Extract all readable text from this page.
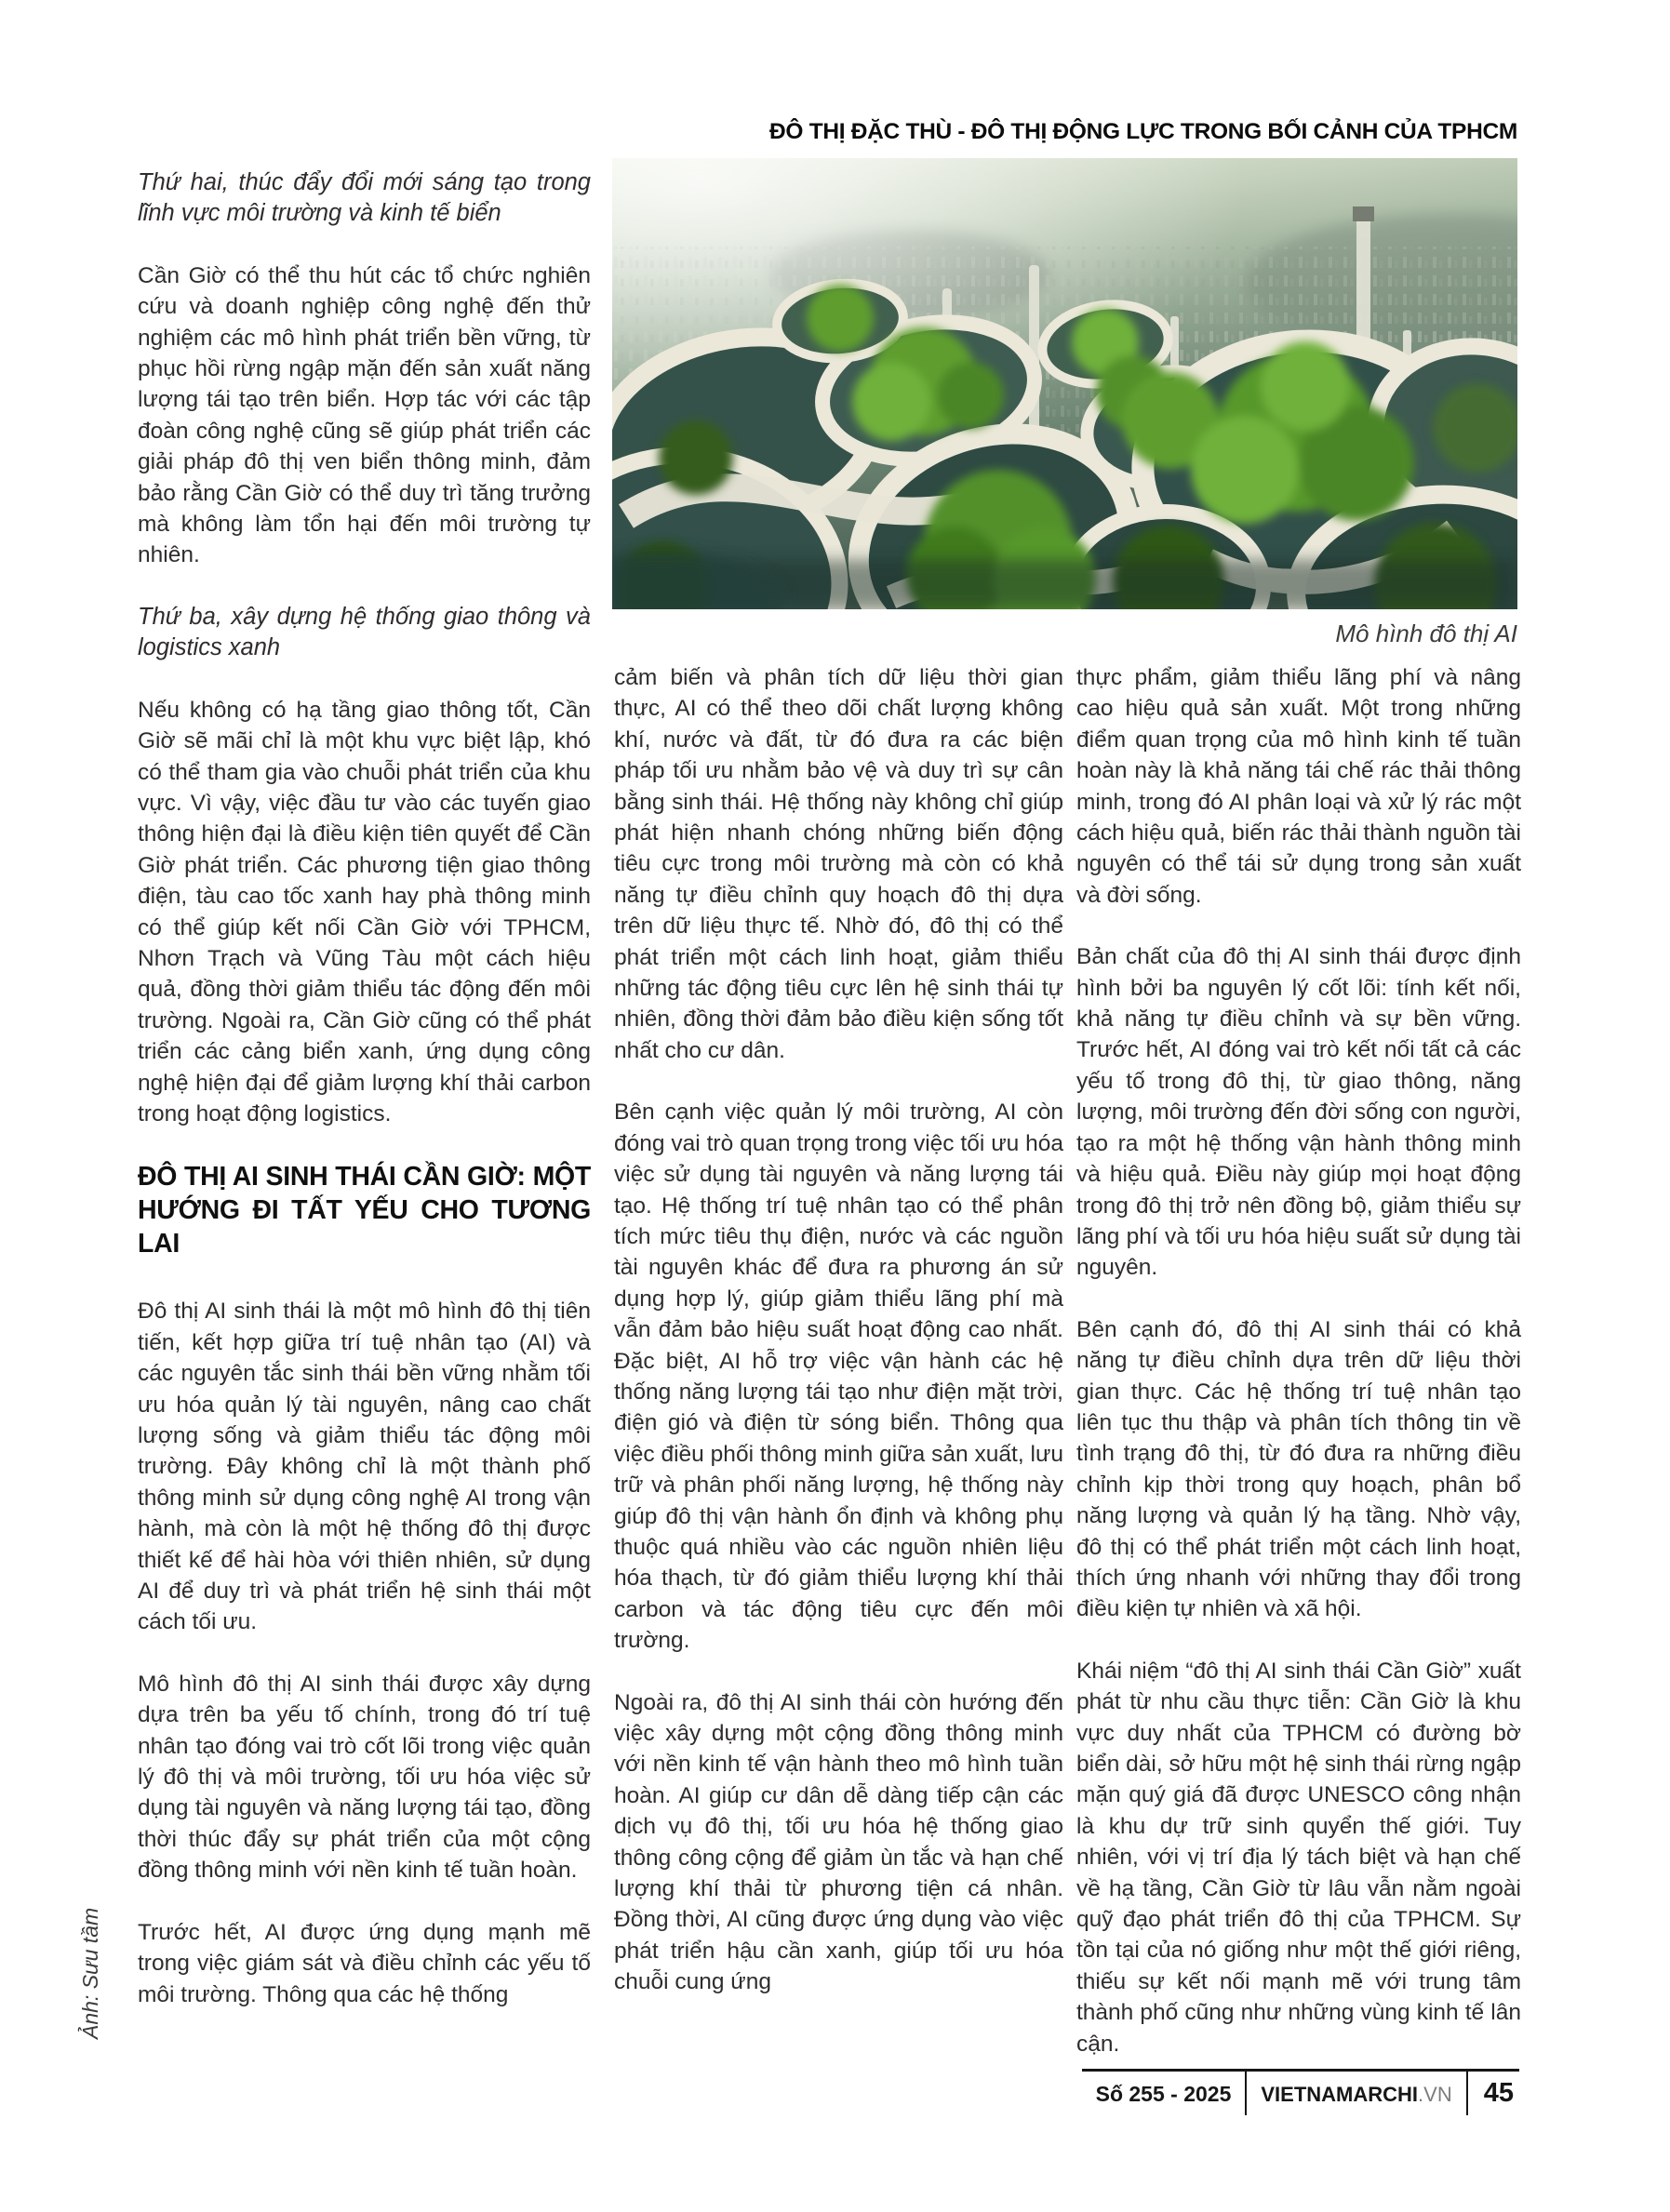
ĐÔ THỊ ĐẶC THÙ - ĐÔ THỊ ĐỘNG LỰC TRONG BỐI CẢNH CỦA TPHCM
Mô hình đô thị AI

Thứ hai, thúc đẩy đổi mới sáng tạo trong lĩnh vực môi trường và kinh tế biển

Cần Giờ có thể thu hút các tổ chức nghiên cứu và doanh nghiệp công nghệ đến thử nghiệm các mô hình phát triển bền vững, từ phục hồi rừng ngập mặn đến sản xuất năng lượng tái tạo trên biển. Hợp tác với các tập đoàn công nghệ cũng sẽ giúp phát triển các giải pháp đô thị ven biển thông minh, đảm bảo rằng Cần Giờ có thể duy trì tăng trưởng mà không làm tổn hại đến môi trường tự nhiên.

Thứ ba, xây dựng hệ thống giao thông và logistics xanh

Nếu không có hạ tầng giao thông tốt, Cần Giờ sẽ mãi chỉ là một khu vực biệt lập, khó có thể tham gia vào chuỗi phát triển của khu vực. Vì vậy, việc đầu tư vào các tuyến giao thông hiện đại là điều kiện tiên quyết để Cần Giờ phát triển. Các phương tiện giao thông điện, tàu cao tốc xanh hay phà thông minh có thể giúp kết nối Cần Giờ với TPHCM, Nhơn Trạch và Vũng Tàu một cách hiệu quả, đồng thời giảm thiểu tác động đến môi trường. Ngoài ra, Cần Giờ cũng có thể phát triển các cảng biển xanh, ứng dụng công nghệ hiện đại để giảm lượng khí thải carbon trong hoạt động logistics.

ĐÔ THỊ AI SINH THÁI CẦN GIỜ: MỘT HƯỚNG ĐI TẤT YẾU CHO TƯƠNG LAI

Đô thị AI sinh thái là một mô hình đô thị tiên tiến, kết hợp giữa trí tuệ nhân tạo (AI) và các nguyên tắc sinh thái bền vững nhằm tối ưu hóa quản lý tài nguyên, nâng cao chất lượng sống và giảm thiểu tác động môi trường. Đây không chỉ là một thành phố thông minh sử dụng công nghệ AI trong vận hành, mà còn là một hệ thống đô thị được thiết kế để hài hòa với thiên nhiên, sử dụng AI để duy trì và phát triển hệ sinh thái một cách tối ưu.

Mô hình đô thị AI sinh thái được xây dựng dựa trên ba yếu tố chính, trong đó trí tuệ nhân tạo đóng vai trò cốt lõi trong việc quản lý đô thị và môi trường, tối ưu hóa việc sử dụng tài nguyên và năng lượng tái tạo, đồng thời thúc đẩy sự phát triển của một cộng đồng thông minh với nền kinh tế tuần hoàn.

Trước hết, AI được ứng dụng mạnh mẽ trong việc giám sát và điều chỉnh các yếu tố môi trường. Thông qua các hệ thống

cảm biến và phân tích dữ liệu thời gian thực, AI có thể theo dõi chất lượng không khí, nước và đất, từ đó đưa ra các biện pháp tối ưu nhằm bảo vệ và duy trì sự cân bằng sinh thái. Hệ thống này không chỉ giúp phát hiện nhanh chóng những biến động tiêu cực trong môi trường mà còn có khả năng tự điều chỉnh quy hoạch đô thị dựa trên dữ liệu thực tế. Nhờ đó, đô thị có thể phát triển một cách linh hoạt, giảm thiểu những tác động tiêu cực lên hệ sinh thái tự nhiên, đồng thời đảm bảo điều kiện sống tốt nhất cho cư dân.

Bên cạnh việc quản lý môi trường, AI còn đóng vai trò quan trọng trong việc tối ưu hóa việc sử dụng tài nguyên và năng lượng tái tạo. Hệ thống trí tuệ nhân tạo có thể phân tích mức tiêu thụ điện, nước và các nguồn tài nguyên khác để đưa ra phương án sử dụng hợp lý, giúp giảm thiểu lãng phí mà vẫn đảm bảo hiệu suất hoạt động cao nhất. Đặc biệt, AI hỗ trợ việc vận hành các hệ thống năng lượng tái tạo như điện mặt trời, điện gió và điện từ sóng biển. Thông qua việc điều phối thông minh giữa sản xuất, lưu trữ và phân phối năng lượng, hệ thống này giúp đô thị vận hành ổn định và không phụ thuộc quá nhiều vào các nguồn nhiên liệu hóa thạch, từ đó giảm thiểu lượng khí thải carbon và tác động tiêu cực đến môi trường.

Ngoài ra, đô thị AI sinh thái còn hướng đến việc xây dựng một cộng đồng thông minh với nền kinh tế vận hành theo mô hình tuần hoàn. AI giúp cư dân dễ dàng tiếp cận các dịch vụ đô thị, tối ưu hóa hệ thống giao thông công cộng để giảm ùn tắc và hạn chế lượng khí thải từ phương tiện cá nhân. Đồng thời, AI cũng được ứng dụng vào việc phát triển hậu cần xanh, giúp tối ưu hóa chuỗi cung ứng

thực phẩm, giảm thiểu lãng phí và nâng cao hiệu quả sản xuất. Một trong những điểm quan trọng của mô hình kinh tế tuần hoàn này là khả năng tái chế rác thải thông minh, trong đó AI phân loại và xử lý rác một cách hiệu quả, biến rác thải thành nguồn tài nguyên có thể tái sử dụng trong sản xuất và đời sống.

Bản chất của đô thị AI sinh thái được định hình bởi ba nguyên lý cốt lõi: tính kết nối, khả năng tự điều chỉnh và sự bền vững. Trước hết, AI đóng vai trò kết nối tất cả các yếu tố trong đô thị, từ giao thông, năng lượng, môi trường đến đời sống con người, tạo ra một hệ thống vận hành thông minh và hiệu quả. Điều này giúp mọi hoạt động trong đô thị trở nên đồng bộ, giảm thiểu sự lãng phí và tối ưu hóa hiệu suất sử dụng tài nguyên.

Bên cạnh đó, đô thị AI sinh thái có khả năng tự điều chỉnh dựa trên dữ liệu thời gian thực. Các hệ thống trí tuệ nhân tạo liên tục thu thập và phân tích thông tin về tình trạng đô thị, từ đó đưa ra những điều chỉnh kịp thời trong quy hoạch, phân bổ năng lượng và quản lý hạ tầng. Nhờ vậy, đô thị có thể phát triển một cách linh hoạt, thích ứng nhanh với những thay đổi trong điều kiện tự nhiên và xã hội.

Khái niệm “đô thị AI sinh thái Cần Giờ” xuất phát từ nhu cầu thực tiễn: Cần Giờ là khu vực duy nhất của TPHCM có đường bờ biển dài, sở hữu một hệ sinh thái rừng ngập mặn quý giá đã được UNESCO công nhận là khu dự trữ sinh quyển thế giới. Tuy nhiên, với vị trí địa lý tách biệt và hạn chế về hạ tầng, Cần Giờ từ lâu vẫn nằm ngoài quỹ đạo phát triển đô thị của TPHCM. Sự tồn tại của nó giống như một thế giới riêng, thiếu sự kết nối mạnh mẽ với trung tâm thành phố cũng như những vùng kinh tế lân cận.

Ảnh: Sưu tầm
Số 255 - 2025	VIETNAMARCHI .VN	45
